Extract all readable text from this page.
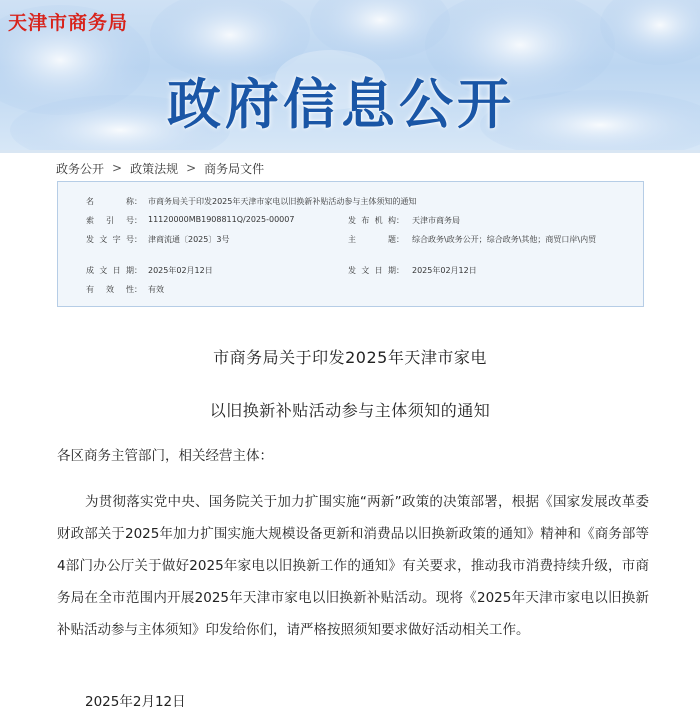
天津市商务局
政府信息公开
政务公开 > 政策法规 > 商务局文件
名	称： 市商务局关于印发2025年天津市家电以旧换新补贴活动参与主体须知的通知
索 引 号： 11120000MB1908811Q/2025-00007	发 布 机 构： 天津市商务局
发 文 字 号： 津商流通〔2025〕3号	主	题： 综合政务\政务公开；综合政务\其他；商贸口岸\内贸
成 文 日 期： 2025年02月12日	发 文 日 期： 2025年02月12日
有 效 性： 有效
市商务局关于印发2025年天津市家电
以旧换新补贴活动参与主体须知的通知
各区商务主管部门，相关经营主体：
为贯彻落实党中央、国务院关于加力扩围实施“两新”政策的决策部署，根据《国家发展改革委 财政部关于2025年加力扩围实施大规模设备更新和消费品以旧换新政策的通知》精神和《商务部等4部门办公厅关于做好2025年家电以旧换新工作的通知》有关要求，推动我市消费持续升级，市商务局在全市范围内开展2025年天津市家电以旧换新补贴活动。现将《2025年天津市家电以旧换新补贴活动参与主体须知》印发给你们，请严格按照须知要求做好活动相关工作。
2025年2月12日
